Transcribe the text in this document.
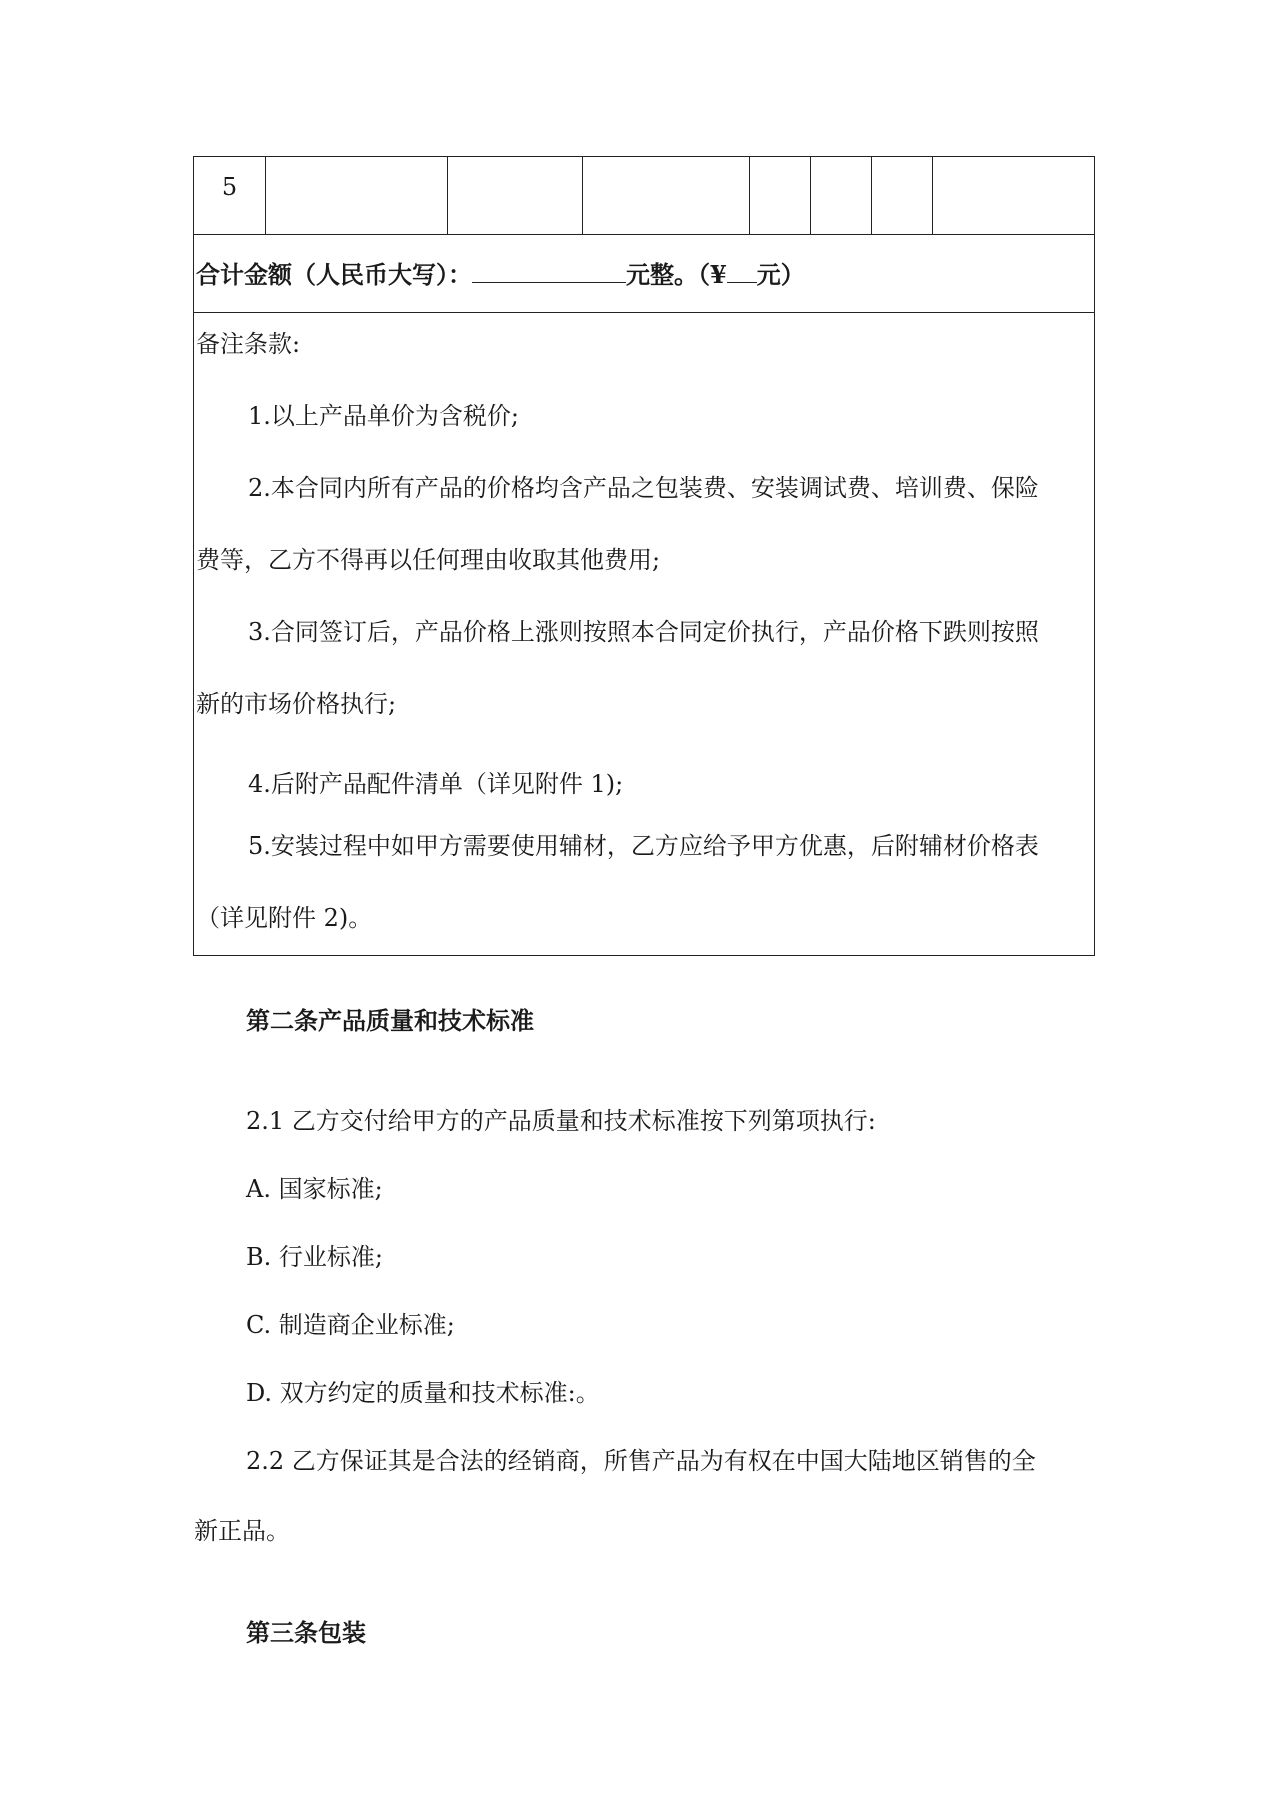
5
合计金额（人民币大写）：	元整。（¥ 元）
备注条款:
1.以上产品单价为含税价;
2.本合同内所有产品的价格均含产品之包装费、安装调试费、培训费、保险
费等，乙方不得再以任何理由收取其他费用;
3.合同签订后，产品价格上涨则按照本合同定价执行，产品价格下跌则按照
新的市场价格执行;
4.后附产品配件清单（详见附件 1);
5.安装过程中如甲方需要使用辅材，乙方应给予甲方优惠，后附辅材价格表
（详见附件 2)。
第二条产品质量和技术标准
2.1 乙方交付给甲方的产品质量和技术标准按下列第项执行:
A. 国家标准;
B. 行业标准;
C. 制造商企业标准;
D. 双方约定的质量和技术标准:。
2.2 乙方保证其是合法的经销商，所售产品为有权在中国大陆地区销售的全
新正品。
第三条包装
